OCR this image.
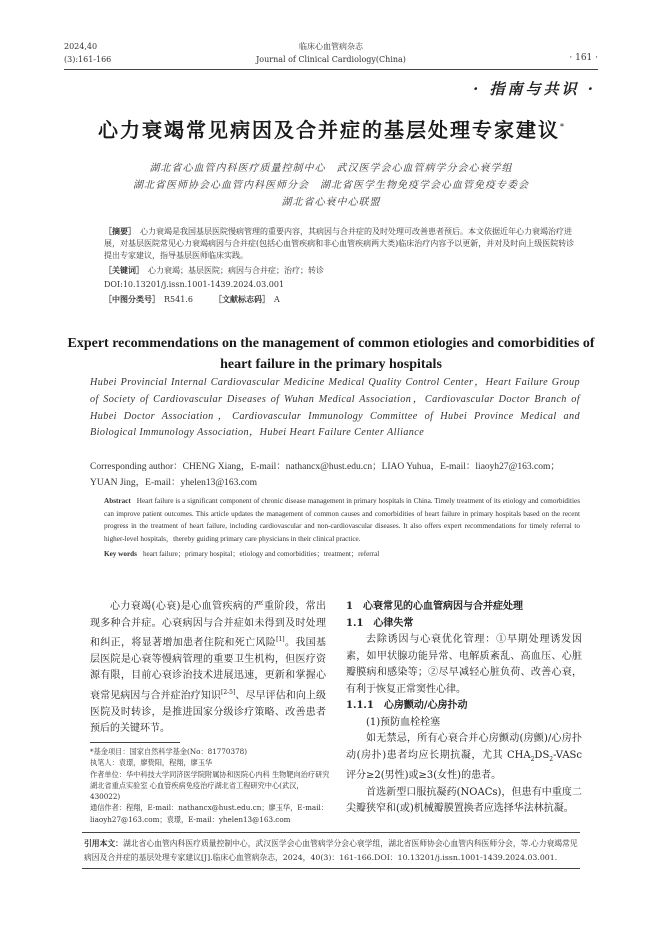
2024,40
(3):161-166
临床心血管病杂志
Journal of Clinical Cardiology(China)	· 161 ·
· 指南与共识 ·
心力衰竭常见病因及合并症的基层处理专家建议*
湖北省心血管内科医疗质量控制中心　武汉医学会心血管病学分会心衰学组
湖北省医师协会心血管内科医师分会　湖北省医学生物免疫学会心血管免疫专委会
湖北省心衰中心联盟
［摘要］ 心力衰竭是我国基层医院慢病管理的重要内容，其病因与合并症的及时处理可改善患者预后。本文依据近年心力衰竭治疗进展，对基层医院常见心力衰竭病因与合并症(包括心血管疾病和非心血管疾病两大类)临床治疗内容予以更新，并对及时向上级医院转诊提出专家建议，指导基层医师临床实践。
［关键词］ 心力衰竭；基层医院；病因与合并症；治疗；转诊
DOI:10.13201/j.issn.1001-1439.2024.03.001
［中图分类号］ R541.6	［文献标志码］ A
Expert recommendations on the management of common etiologies and comorbidities of heart failure in the primary hospitals
Hubei Provincial Internal Cardiovascular Medicine Medical Quality Control Center，Heart Failure Group of Society of Cardiovascular Diseases of Wuhan Medical Association，Cardiovascular Doctor Branch of Hubei Doctor Association，Cardiovascular Immunology Committee of Hubei Province Medical and Biological Immunology Association，Hubei Heart Failure Center Alliance
Corresponding author：CHENG Xiang，E-mail：nathancx@hust.edu.cn；LIAO Yuhua，E-mail：liaoyh27@163.com；YUAN Jing，E-mail：yhelen13@163.com
Abstract Heart failure is a significant component of chronic disease management in primary hospitals in China. Timely treatment of its etiology and comorbidities can improve patient outcomes. This article updates the management of common causes and comorbidities of heart failure in primary hospitals based on the recent progress in the treatment of heart failure, including cardiovascular and non-cardiovascular diseases. It also offers expert recommendations for timely referral to higher-level hospitals，thereby guiding primary care physicians in their clinical practice.
Key words heart failure；primary hospital；etiology and comorbidities；treatment；referral

心力衰竭(心衰)是心血管疾病的严重阶段，常出现多种合并症。心衰病因与合并症如未得到及时处理和纠正，将显著增加患者住院和死亡风险[1]。我国基层医院是心衰等慢病管理的重要卫生机构，但医疗资源有限，目前心衰诊治技术进展迅速，更新和掌握心衰常见病因与合并症治疗知识[2-5]、尽早评估和向上级医院及时转诊，是推进国家分级诊疗策略、改善患者预后的关键环节。

*基金项目：国家自然科学基金(No：81770378)
执笔人：袁璟，廖贽阳，程翔，廖玉华
作者单位：华中科技大学同济医学院附属协和医院心内科 生物靶向治疗研究湖北省重点实验室 心血管疾病免疫治疗湖北省工程研究中心(武汉，430022)
通信作者：程翔，E-mail：nathancx@hust.edu.cn；廖玉华，E-mail：liaoyh27@163.com；袁璟，E-mail：yhelen13@163.com
1　心衰常见的心血管病因与合并症处理
1.1　心律失常

去除诱因与心衰优化管理：①早期处理诱发因素，如甲状腺功能异常、电解质紊乱、高血压、心脏瓣膜病和感染等；②尽早减轻心脏负荷、改善心衰，有利于恢复正常窦性心律。

1.1.1　心房颤动/心房扑动
(1)预防血栓栓塞

如无禁忌，所有心衰合并心房颤动(房颤)/心房扑动(房扑)患者均应长期抗凝，尤其 $CHA_2DS_2$-VASc 评分≥2(男性)或≥3(女性)的患者。

首选新型口服抗凝药(NOACs)，但患有中重度二尖瓣狭窄和(或)机械瓣膜置换者应选择华法林抗凝。

引用本文：湖北省心血管内科医疗质量控制中心，武汉医学会心血管病学分会心衰学组，湖北省医师协会心血管内科医师分会，等.心力衰竭常见病因及合并症的基层处理专家建议[J].临床心血管病杂志，2024，40(3)：161-166.DOI：10.13201/j.issn.1001-1439.2024.03.001.
